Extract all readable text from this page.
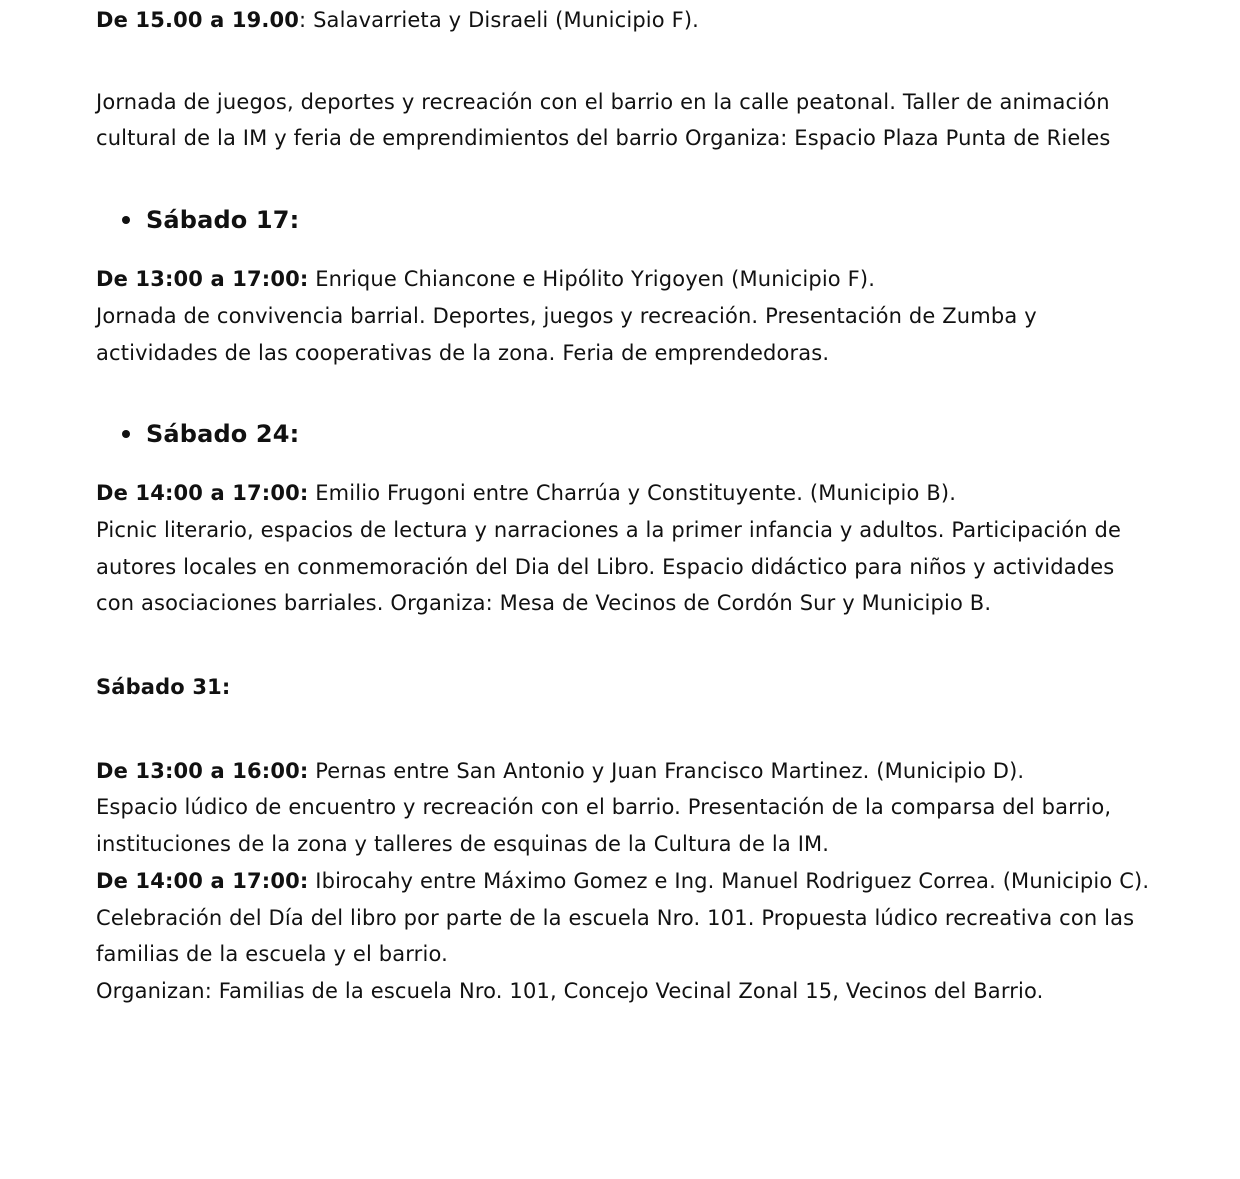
De 15.00 a 19.00: Salavarrieta y Disraeli (Municipio F).

Jornada de juegos, deportes y recreación con el barrio en la calle peatonal. Taller de animación cultural de la IM y feria de emprendimientos del barrio Organiza: Espacio Plaza Punta de Rieles

Sábado 17:

De 13:00 a 17:00: Enrique Chiancone e Hipólito Yrigoyen (Municipio F).

Jornada de convivencia barrial. Deportes, juegos y recreación. Presentación de Zumba y actividades de las cooperativas de la zona. Feria de emprendedoras.

Sábado 24:

De 14:00 a 17:00: Emilio Frugoni entre Charrúa y Constituyente. (Municipio B).

Picnic literario, espacios de lectura y narraciones a la primer infancia y adultos. Participación de autores locales en conmemoración del Dia del Libro. Espacio didáctico para niños y actividades con asociaciones barriales. Organiza: Mesa de Vecinos de Cordón Sur y Municipio B.

Sábado 31:

De 13:00 a 16:00: Pernas entre San Antonio y Juan Francisco Martinez. (Municipio D).

Espacio lúdico de encuentro y recreación con el barrio. Presentación de la comparsa del barrio, instituciones de la zona y talleres de esquinas de la Cultura de la IM.

De 14:00 a 17:00: Ibirocahy entre Máximo Gomez e Ing. Manuel Rodriguez Correa. (Municipio C).

Celebración del Día del libro por parte de la escuela Nro. 101. Propuesta lúdico recreativa con las familias de la escuela y el barrio.

Organizan: Familias de la escuela Nro. 101, Concejo Vecinal Zonal 15, Vecinos del Barrio.
